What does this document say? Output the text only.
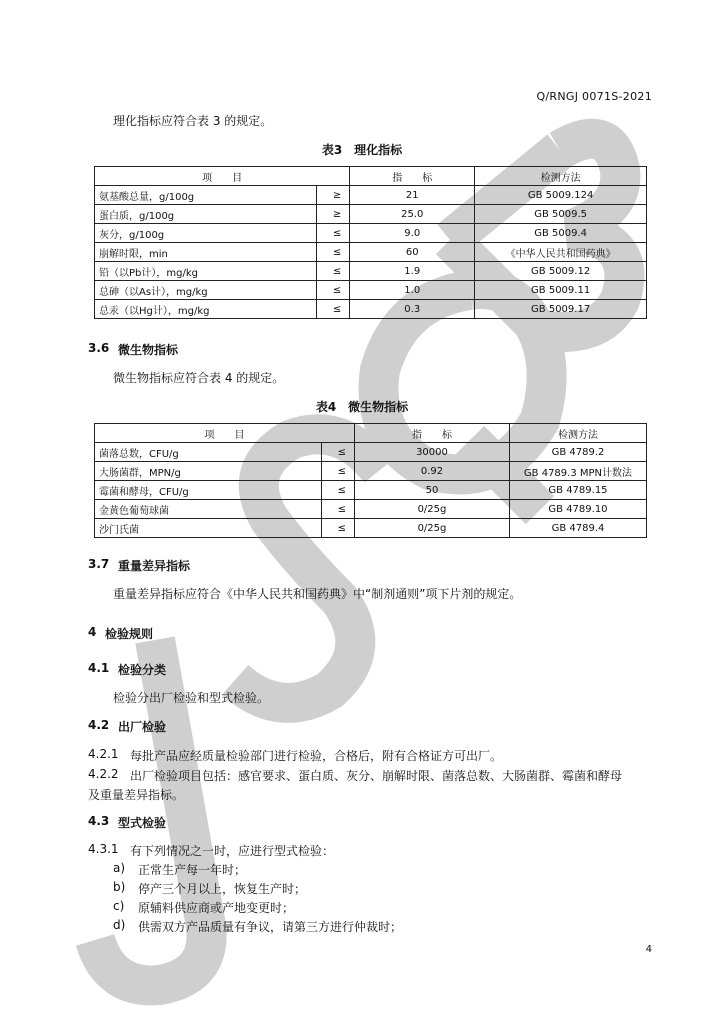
Q/RNGJ 0071S-2021
理化指标应符合表 3 的规定。
表3　理化指标
项　　目		指　　标	检测方法
氨基酸总量，g/100g	≥	21	GB 5009.124
蛋白质，g/100g	≥	25.0	GB 5009.5
灰分，g/100g	≤	9.0	GB 5009.4
崩解时限，min	≤	60	《中华人民共和国药典》
铅（以Pb计），mg/kg	≤	1.9	GB 5009.12
总砷（以As计），mg/kg	≤	1.0	GB 5009.11
总汞（以Hg计），mg/kg	≤	0.3	GB 5009.17
3.6 微生物指标
微生物指标应符合表 4 的规定。
表4　微生物指标
项　　目		指　　标	检测方法
菌落总数，CFU/g	≤	30000	GB 4789.2
大肠菌群，MPN/g	≤	0.92	GB 4789.3 MPN计数法
霉菌和酵母，CFU/g	≤	50	GB 4789.15
金黄色葡萄球菌	≤	0/25g	GB 4789.10
沙门氏菌	≤	0/25g	GB 4789.4
3.7 重量差异指标
重量差异指标应符合《中华人民共和国药典》中“制剂通则”项下片剂的规定。
4 检验规则
4.1 检验分类
检验分出厂检验和型式检验。
4.2 出厂检验
4.2.1 每批产品应经质量检验部门进行检验，合格后，附有合格证方可出厂。
4.2.2 出厂检验项目包括：感官要求、蛋白质、灰分、崩解时限、菌落总数、大肠菌群、霉菌和酵母
及重量差异指标。
4.3 型式检验
4.3.1 有下列情况之一时，应进行型式检验：
a) 正常生产每一年时；
b) 停产三个月以上，恢复生产时；
c) 原辅料供应商或产地变更时；
d) 供需双方产品质量有争议，请第三方进行仲裁时；
4
